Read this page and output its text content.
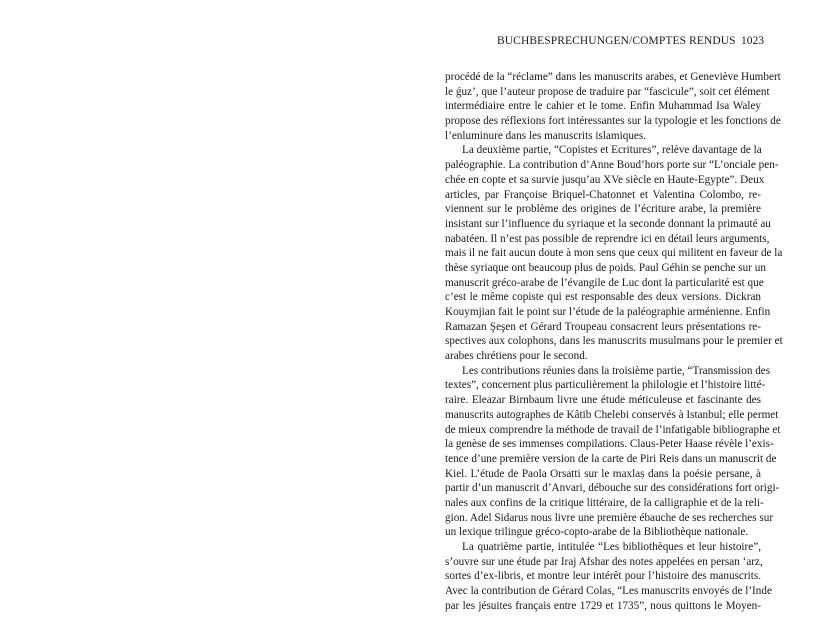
BUCHBESPRECHUNGEN/COMPTES RENDUS 1023
procédé de la “réclame” dans les manuscrits arabes, et Geneviève Humbert
le ǵuz’, que l’auteur propose de traduire par “fascicule”, soit cet élément
intermédiaire entre le cahier et le tome. Enfin Muhammad Isa Waley
propose des réflexions fort intéressantes sur la typologie et les fonctions de
l’enluminure dans les manuscrits islamiques.
La deuxième partie, “Copistes et Ecritures”, relève davantage de la
paléographie. La contribution d’Anne Boud’hors porte sur “L’onciale pen-
chée en copte et sa survie jusqu’au XVe siècle en Haute-Egypte”. Deux
articles, par Françoise Briquel-Chatonnet et Valentina Colombo, re-
viennent sur le problème des origines de l’écriture arabe, la première
insistant sur l’influence du syriaque et la seconde donnant la primauté au
nabatéen. Il n’est pas possible de reprendre ici en détail leurs arguments,
mais il ne fait aucun doute à mon sens que ceux qui militent en faveur de la
thèse syriaque ont beaucoup plus de poids. Paul Géhin se penche sur un
manuscrit gréco-arabe de l’évangile de Luc dont la particularité est que
c’est le même copiste qui est responsable des deux versions. Dickran
Kouymjian fait le point sur l’étude de la paléographie arménienne. Enfin
Ramazan Şeşen et Gérard Troupeau consacrent leurs présentations re-
spectives aux colophons, dans les manuscrits musulmans pour le premier et
arabes chrétiens pour le second.
Les contributions réunies dans la troisième partie, “Transmission des
textes”, concernent plus particulièrement la philologie et l’histoire litté-
raire. Eleazar Birnbaum livre une étude méticuleuse et fascinante des
manuscrits autographes de Kâtib Chelebi conservés à Istanbul; elle permet
de mieux comprendre la méthode de travail de l’infatigable bibliographe et
la genèse de ses immenses compilations. Claus-Peter Haase révèle l’exis-
tence d’une première version de la carte de Piri Reis dans un manuscrit de
Kiel. L’étude de Paola Orsatti sur le maxlaṣ dans la poésie persane, à
partir d’un manuscrit d’Anvari, débouche sur des considérations fort origi-
nales aux confins de la critique littéraire, de la calligraphie et de la reli-
gion. Adel Sidarus nous livre une première ébauche de ses recherches sur
un lexique trilingue gréco-copto-arabe de la Bibliothèque nationale.
La quatrième partie, intitulée “Les bibliothèques et leur histoire”,
s’ouvre sur une étude par Iraj Afshar des notes appelées en persan ‘arz,
sortes d’ex-libris, et montre leur intérêt pour l’histoire des manuscrits.
Avec la contribution de Gérard Colas, “Les manuscrits envoyés de l’Inde
par les jésuites français entre 1729 et 1735”, nous quittons le Moyen-
